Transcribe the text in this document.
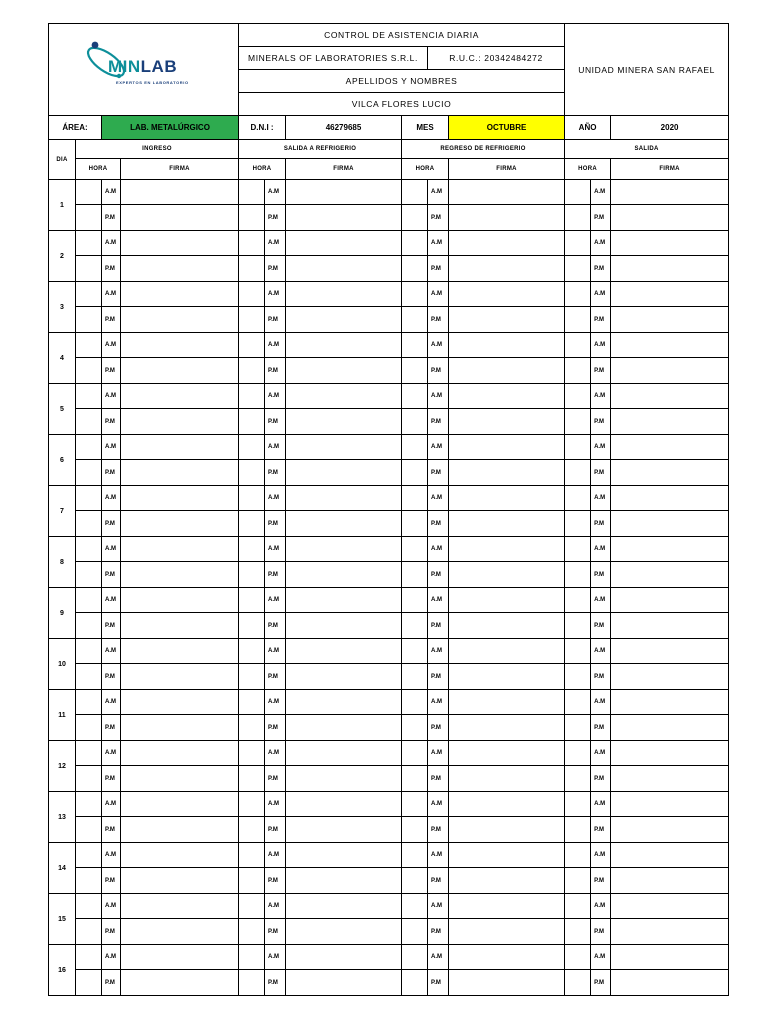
MINLAB
EXPERTOS EN LABORATORIO				CONTROL DE ASISTENCIA DIARIA						UNIDAD MINERA SAN RAFAEL		
				MINERALS OF LABORATORIES S.R.L.				R.U.C.: 20342484272				
				APELLIDOS Y NOMBRES								
				VILCA FLORES LUCIO								
ÁREA:		LAB. METALÚRGICO		D.N.I :		46279685	MES		OCTUBRE	AÑO		2020
DIA	INGRESO			SALIDA A REFRIGERIO			REGRESO DE REFRIGERIO			SALIDA		
	HORA		FIRMA	HORA		FIRMA	HORA		FIRMA	HORA		FIRMA
1		A.M			A.M			A.M			A.M	
		P.M			P.M			P.M			P.M	
2		A.M			A.M			A.M			A.M	
		P.M			P.M			P.M			P.M	
3		A.M			A.M			A.M			A.M	
		P.M			P.M			P.M			P.M	
4		A.M			A.M			A.M			A.M	
		P.M			P.M			P.M			P.M	
5		A.M			A.M			A.M			A.M	
		P.M			P.M			P.M			P.M	
6		A.M			A.M			A.M			A.M	
		P.M			P.M			P.M			P.M	
7		A.M			A.M			A.M			A.M	
		P.M			P.M			P.M			P.M	
8		A.M			A.M			A.M			A.M	
		P.M			P.M			P.M			P.M	
9		A.M			A.M			A.M			A.M	
		P.M			P.M			P.M			P.M	
10		A.M			A.M			A.M			A.M	
		P.M			P.M			P.M			P.M	
11		A.M			A.M			A.M			A.M	
		P.M			P.M			P.M			P.M	
12		A.M			A.M			A.M			A.M	
		P.M			P.M			P.M			P.M	
13		A.M			A.M			A.M			A.M	
		P.M			P.M			P.M			P.M	
14		A.M			A.M			A.M			A.M	
		P.M			P.M			P.M			P.M	
15		A.M			A.M			A.M			A.M	
		P.M			P.M			P.M			P.M	
16		A.M			A.M			A.M			A.M	
		P.M			P.M			P.M			P.M	
